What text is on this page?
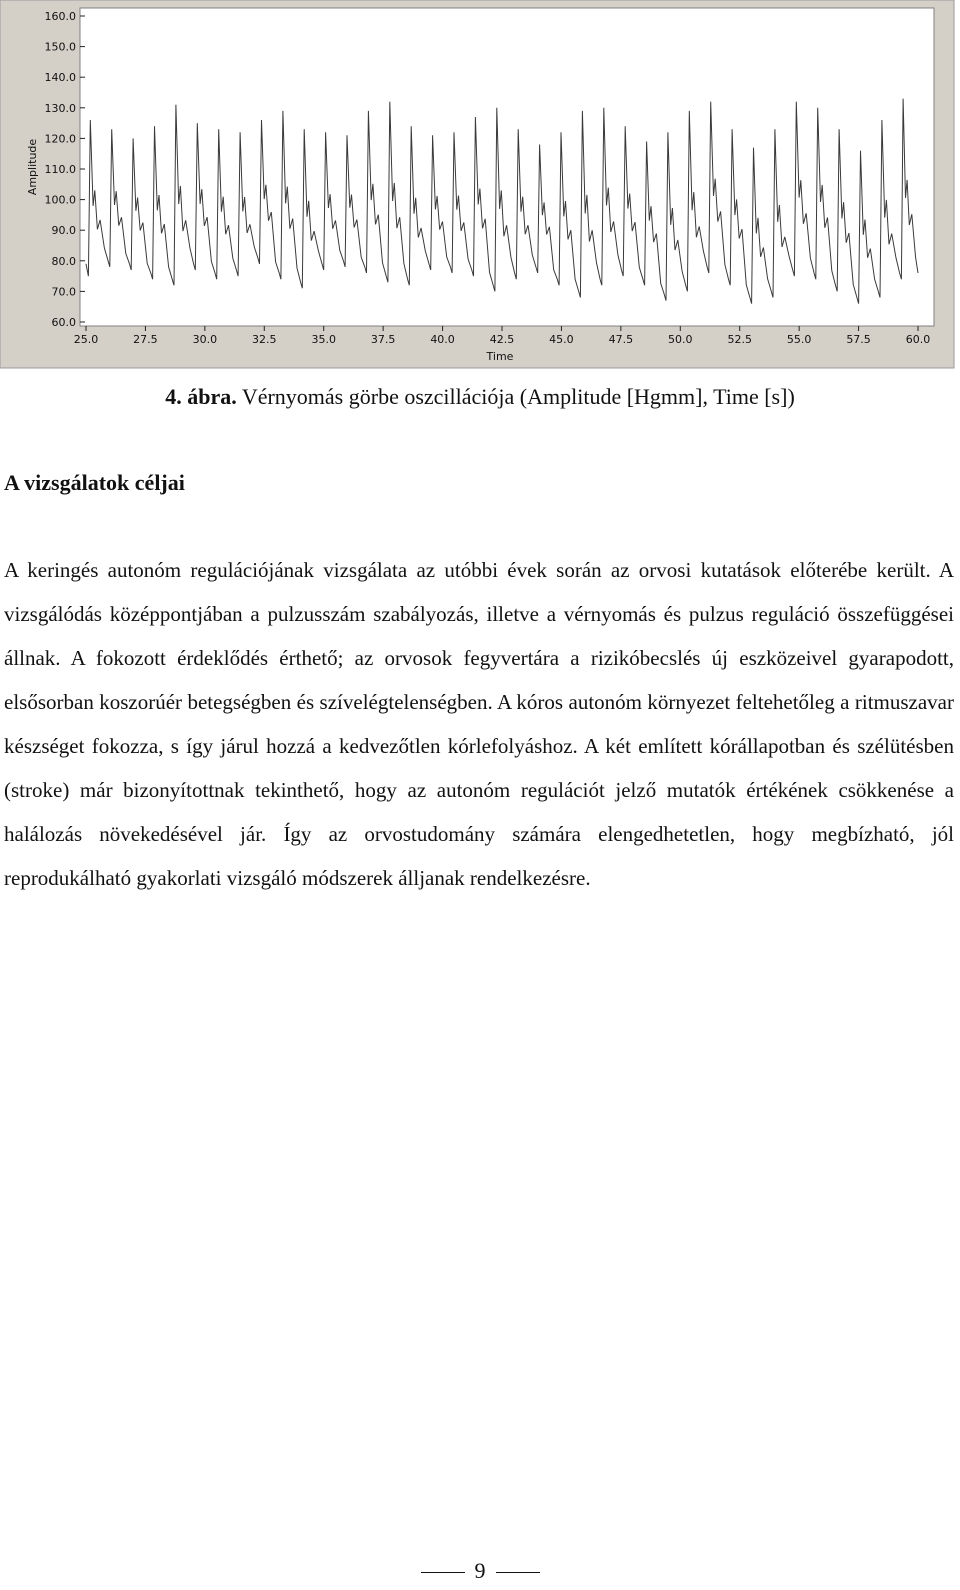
160.0
150.0
140.0
130.0
120.0
110.0
100.0
90.0
80.0
70.0
60.0
25.0	27.5	30.0	32.5	35.0	37.5	40.0	42.5	45.0	47.5	50.0	52.5	55.0	57.5	60.0
Amplitude
Time
4. ábra. Vérnyomás görbe oszcillációja (Amplitude [Hgmm], Time [s])
A vizsgálatok céljai

A keringés autonóm regulációjának vizsgálata az utóbbi évek során az orvosi kutatások előterébe került. A vizsgálódás középpontjában a pulzusszám szabályozás, illetve a vérnyomás és pulzus reguláció összefüggései állnak. A fokozott érdeklődés érthető; az orvosok fegyvertára a rizikóbecslés új eszközeivel gyarapodott, elsősorban koszorúér betegségben és szívelégtelenségben. A kóros autonóm környezet feltehetőleg a ritmuszavar készséget fokozza, s így járul hozzá a kedvezőtlen kórlefolyáshoz. A két említett kórállapotban és szélütésben (stroke) már bizonyítottnak tekinthető, hogy az autonóm regulációt jelző mutatók értékének csökkenése a halálozás növekedésével jár. Így az orvostudomány számára elengedhetetlen, hogy megbízható, jól reprodukálható gyakorlati vizsgáló módszerek álljanak rendelkezésre.

9
